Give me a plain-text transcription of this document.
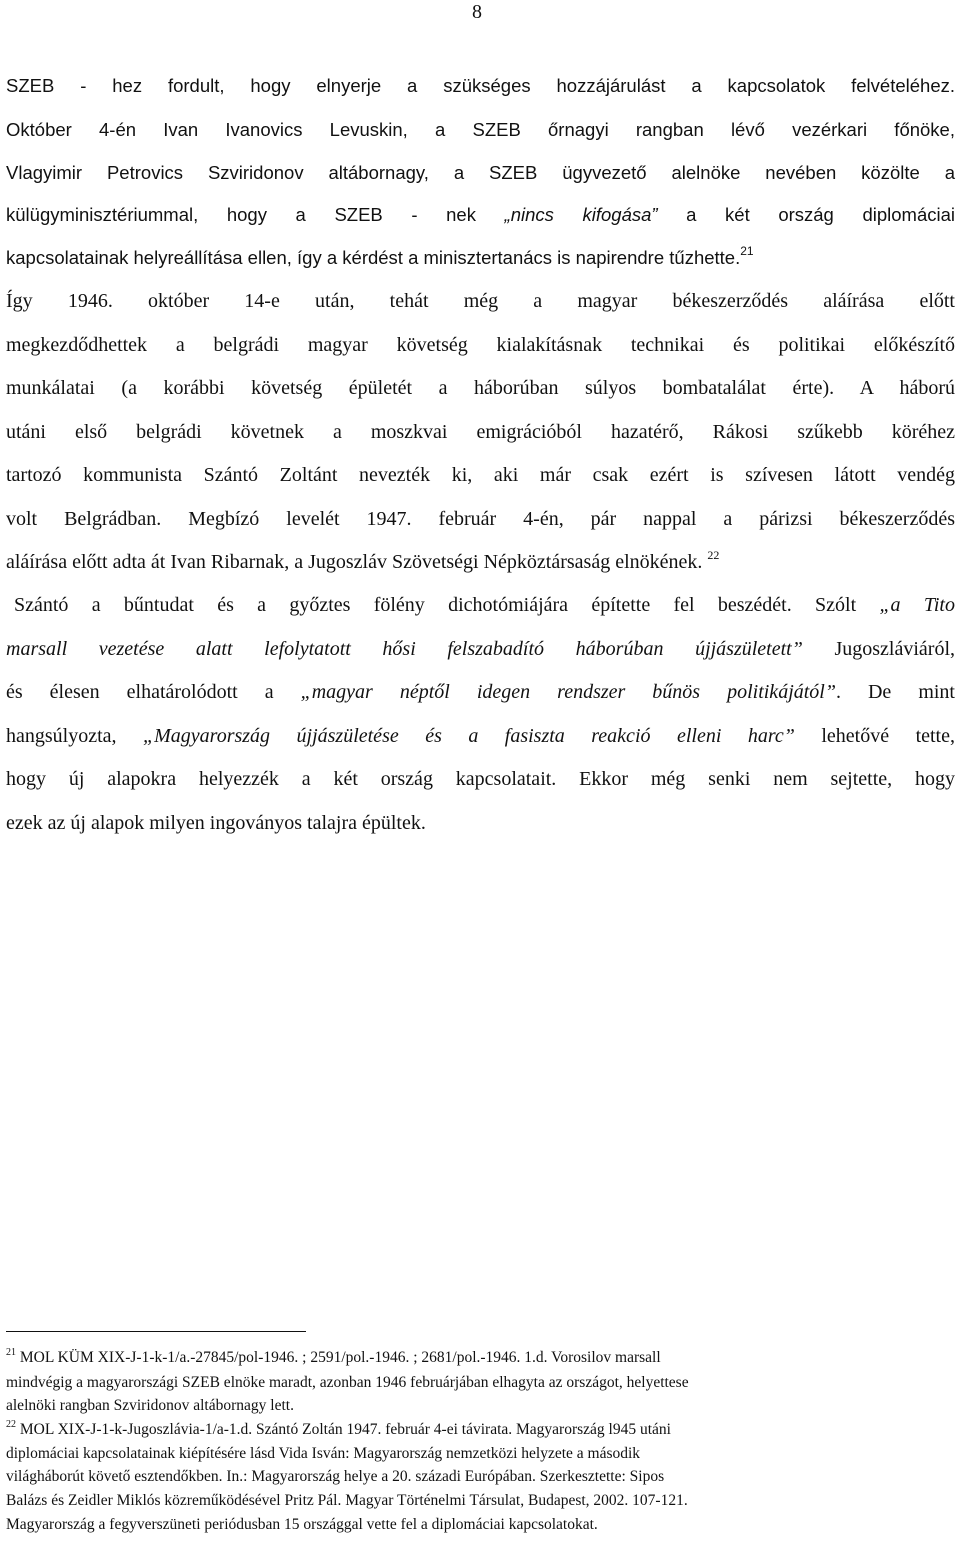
8
SZEB - hez fordult, hogy elnyerje a szükséges hozzájárulást a kapcsolatok felvételéhez.
Október 4-én Ivan Ivanovics Levuskin, a SZEB őrnagyi rangban lévő vezérkari főnöke,
Vlagyimir Petrovics Szviridonov altábornagy, a SZEB ügyvezető alelnöke nevében közölte a
külügyminisztériummal, hogy a SZEB - nek „nincs kifogása” a két ország diplomáciai
kapcsolatainak helyreállítása ellen, így a kérdést a minisztertanács is napirendre tűzhette.$^{21}$
Így 1946. október 14-e után, tehát még a magyar békeszerződés aláírása előtt
megkezdődhettek a belgrádi magyar követség kialakításnak technikai és politikai előkészítő
munkálatai (a korábbi követség épületét a háborúban súlyos bombatalálat érte). A háború
utáni első belgrádi követnek a moszkvai emigrációból hazatérő, Rákosi szűkebb köréhez
tartozó kommunista Szántó Zoltánt nevezték ki, aki már csak ezért is szívesen látott vendég
volt Belgrádban. Megbízó levelét 1947. február 4-én, pár nappal a párizsi békeszerződés
aláírása előtt adta át Ivan Ribarnak, a Jugoszláv Szövetségi Népköztársaság elnökének. $^{22}$
Szántó a bűntudat és a győztes fölény dichotómiájára építette fel beszédét. Szólt „a Tito
marsall vezetése alatt lefolytatott hősi felszabadító háborúban újjászületett” Jugoszláviáról,
és élesen elhatárolódott a „magyar néptől idegen rendszer bűnös politikájától”. De mint
hangsúlyozta, „Magyarország újjászületése és a fasiszta reakció elleni harc” lehetővé tette,
hogy új alapokra helyezzék a két ország kapcsolatait. Ekkor még senki nem sejtette, hogy
ezek az új alapok milyen ingoványos talajra épültek.
$^{21}$ MOL KÜM XIX-J-1-k-1/a.-27845/pol-1946. ; 2591/pol.-1946. ; 2681/pol.-1946. 1.d. Vorosilov marsall
mindvégig a magyarországi SZEB elnöke maradt, azonban 1946 februárjában elhagyta az országot, helyettese
alelnöki rangban Szviridonov altábornagy lett.
$^{22}$ MOL XIX-J-1-k-Jugoszlávia-1/a-1.d. Szántó Zoltán 1947. február 4-ei távirata. Magyarország l945 utáni
diplomáciai kapcsolatainak kiépítésére lásd Vida Isván: Magyarország nemzetközi helyzete a második
világháborút követő esztendőkben. In.: Magyarország helye a 20. századi Európában. Szerkesztette: Sipos
Balázs és Zeidler Miklós közreműködésével Pritz Pál. Magyar Történelmi Társulat, Budapest, 2002. 107-121.
Magyarország a fegyverszüneti periódusban 15 országgal vette fel a diplomáciai kapcsolatokat.
